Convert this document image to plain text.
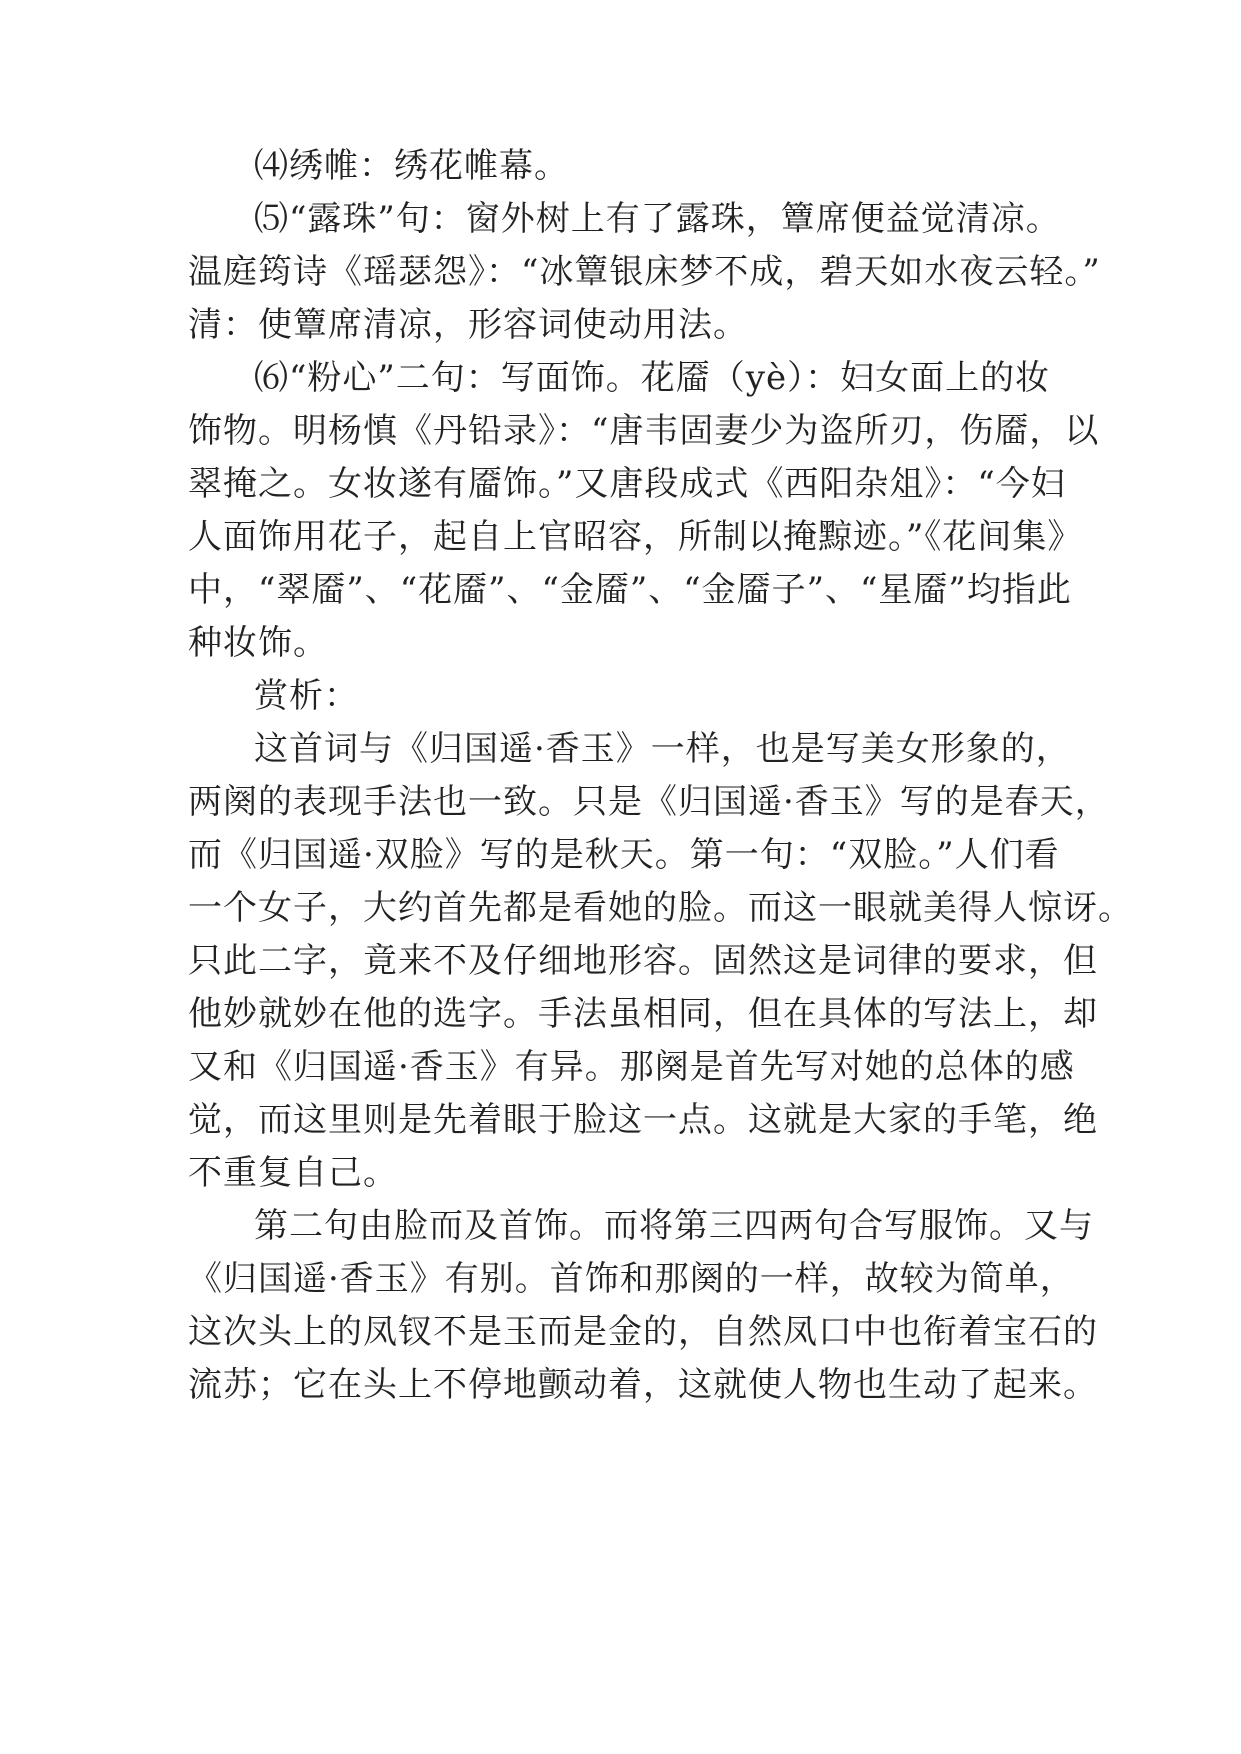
⑷绣帷：绣花帷幕。
⑸“露珠”句：窗外树上有了露珠，簟席便益觉清凉。
温庭筠诗《瑶瑟怨》：“冰簟银床梦不成，碧天如水夜云轻。”
清：使簟席清凉，形容词使动用法。
⑹“粉心”二句：写面饰。花靥（yè）：妇女面上的妆
饰物。明杨慎《丹铅录》：“唐韦固妻少为盗所刃，伤靥，以
翠掩之。女妆遂有靥饰。”又唐段成式《西阳杂俎》：“今妇
人面饰用花子，起自上官昭容，所制以掩黥迹。”《花间集》
中，“翠靥”、“花靥”、“金靥”、“金靥子”、“星靥”均指此
种妆饰。
赏析：
这首词与《归国遥·香玉》一样，也是写美女形象的，
两阕的表现手法也一致。只是《归国遥·香玉》写的是春天，
而《归国遥·双脸》写的是秋天。第一句：“双脸。”人们看
一个女子，大约首先都是看她的脸。而这一眼就美得人惊讶。
只此二字，竟来不及仔细地形容。固然这是词律的要求，但
他妙就妙在他的选字。手法虽相同，但在具体的写法上，却
又和《归国遥·香玉》有异。那阕是首先写对她的总体的感
觉，而这里则是先着眼于脸这一点。这就是大家的手笔，绝
不重复自己。
第二句由脸而及首饰。而将第三四两句合写服饰。又与
《归国遥·香玉》有别。首饰和那阕的一样，故较为简单，
这次头上的凤钗不是玉而是金的，自然凤口中也衔着宝石的
流苏；它在头上不停地颤动着，这就使人物也生动了起来。
